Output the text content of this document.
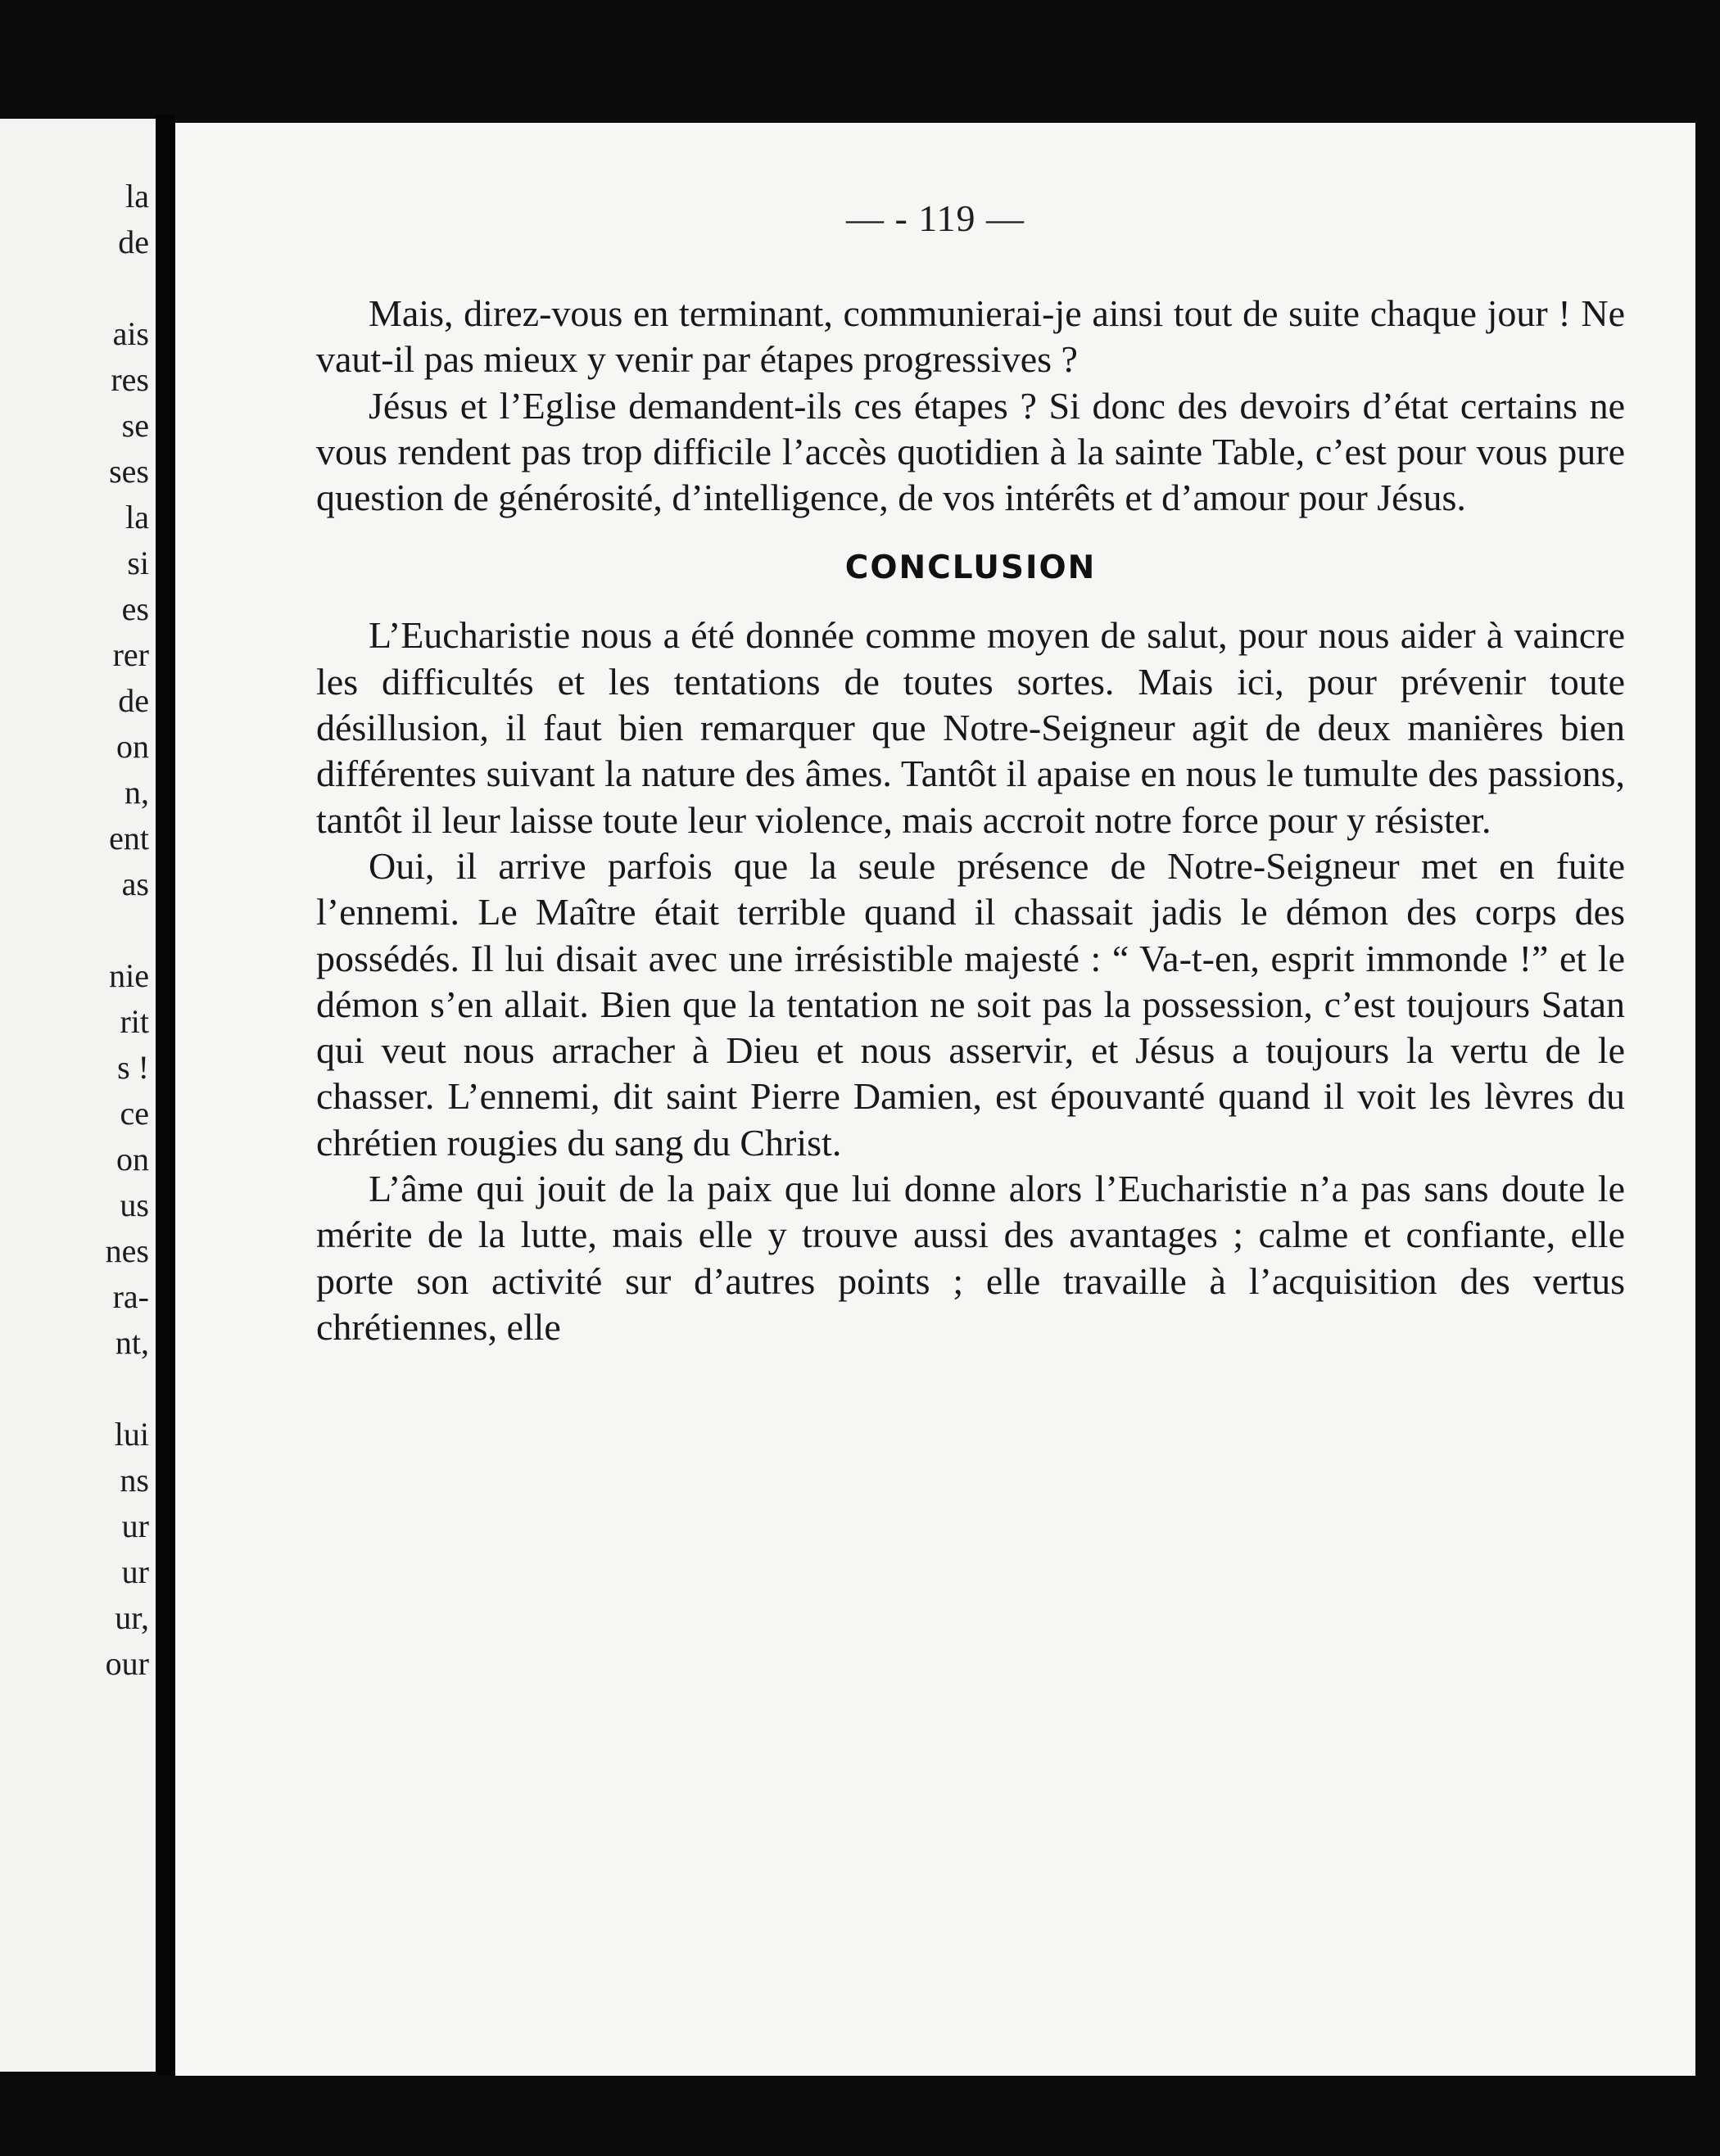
la
de
ais
res
se
ses
la
si
es
rer
de
on
n,
ent
as
nie
rit
s !
ce
on
us
nes
ra-
nt,
lui
ns
ur
ur
ur,
our
— - 119 —

Mais, direz-vous en terminant, communierai-je ainsi tout de suite chaque jour ! Ne vaut-il pas mieux y venir par étapes progressives ?

Jésus et l’Eglise demandent-ils ces étapes ? Si donc des devoirs d’état certains ne vous rendent pas trop difficile l’accès quotidien à la sainte Table, c’est pour vous pure question de générosité, d’intelligence, de vos intérêts et d’amour pour Jésus.

CONCLUSION

L’Eucharistie nous a été donnée comme moyen de salut, pour nous aider à vaincre les difficultés et les tentations de toutes sortes. Mais ici, pour prévenir toute désillusion, il faut bien remarquer que Notre-Seigneur agit de deux manières bien différentes suivant la nature des âmes. Tantôt il apaise en nous le tumulte des passions, tantôt il leur laisse toute leur violence, mais accroit notre force pour y résister.

Oui, il arrive parfois que la seule présence de Notre-Seigneur met en fuite l’ennemi. Le Maître était terrible quand il chassait jadis le démon des corps des possédés. Il lui disait avec une irrésistible majesté : “ Va-t-en, esprit immonde !” et le démon s’en allait. Bien que la tentation ne soit pas la possession, c’est toujours Satan qui veut nous arracher à Dieu et nous asservir, et Jésus a toujours la vertu de le chasser. L’ennemi, dit saint Pierre Damien, est épouvanté quand il voit les lèvres du chrétien rougies du sang du Christ.

L’âme qui jouit de la paix que lui donne alors l’Eucharistie n’a pas sans doute le mérite de la lutte, mais elle y trouve aussi des avantages ; calme et confiante, elle porte son activité sur d’autres points ; elle travaille à l’acquisition des vertus chrétiennes, elle
